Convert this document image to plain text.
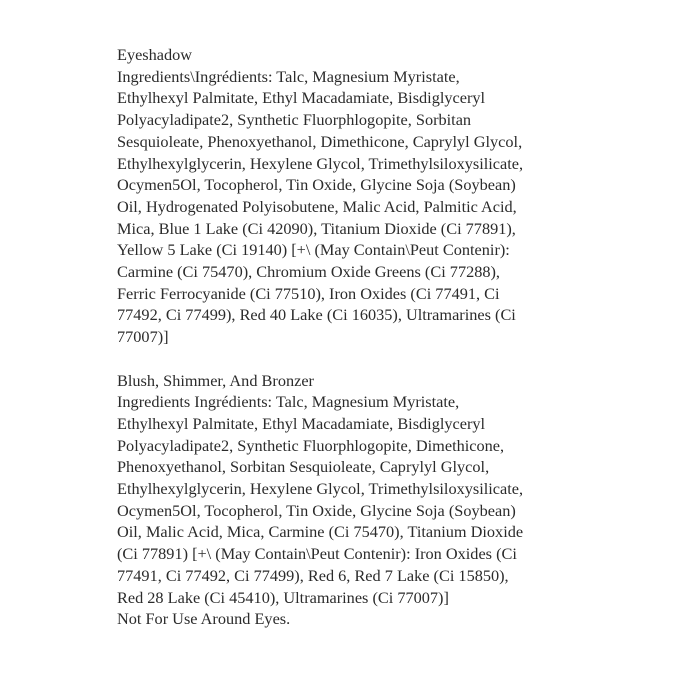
Eyeshadow

Ingredients\Ingrédients: Talc, Magnesium Myristate,
Ethylhexyl Palmitate, Ethyl Macadamiate, Bisdiglyceryl
Polyacyladipate2, Synthetic Fluorphlogopite, Sorbitan
Sesquioleate, Phenoxyethanol, Dimethicone, Caprylyl Glycol,
Ethylhexylglycerin, Hexylene Glycol, Trimethylsiloxysilicate,
Ocymen5Ol, Tocopherol, Tin Oxide, Glycine Soja (Soybean)
Oil, Hydrogenated Polyisobutene, Malic Acid, Palmitic Acid,
Mica, Blue 1 Lake (Ci 42090), Titanium Dioxide (Ci 77891),
Yellow 5 Lake (Ci 19140) [+\ (May Contain\Peut Contenir):
Carmine (Ci 75470), Chromium Oxide Greens (Ci 77288),
Ferric Ferrocyanide (Ci 77510), Iron Oxides (Ci 77491, Ci
77492, Ci 77499), Red 40 Lake (Ci 16035), Ultramarines (Ci
77007)]

Blush, Shimmer, And Bronzer

Ingredients Ingrédients: Talc, Magnesium Myristate,
Ethylhexyl Palmitate, Ethyl Macadamiate, Bisdiglyceryl
Polyacyladipate2, Synthetic Fluorphlogopite, Dimethicone,
Phenoxyethanol, Sorbitan Sesquioleate, Caprylyl Glycol,
Ethylhexylglycerin, Hexylene Glycol, Trimethylsiloxysilicate,
Ocymen5Ol, Tocopherol, Tin Oxide, Glycine Soja (Soybean)
Oil, Malic Acid, Mica, Carmine (Ci 75470), Titanium Dioxide
(Ci 77891) [+\ (May Contain\Peut Contenir): Iron Oxides (Ci
77491, Ci 77492, Ci 77499), Red 6, Red 7 Lake (Ci 15850),
Red 28 Lake (Ci 45410), Ultramarines (Ci 77007)]

Not For Use Around Eyes.
